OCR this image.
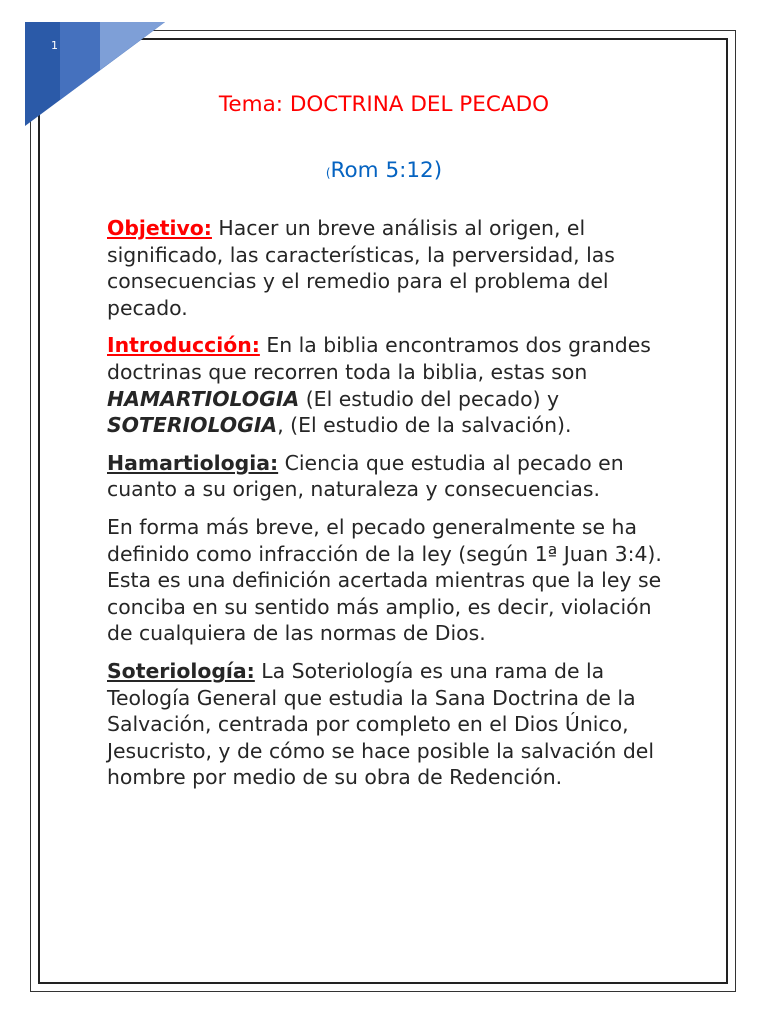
1
Tema: DOCTRINA DEL PECADO
(Rom 5:12)

Objetivo: Hacer un breve análisis al origen, el significado, las características, la perversidad, las consecuencias y el remedio para el problema del pecado.

Introducción: En la biblia encontramos dos grandes doctrinas que recorren toda la biblia, estas son HAMARTIOLOGIA (El estudio del pecado) y SOTERIOLOGIA, (El estudio de la salvación).

Hamartiologia: Ciencia que estudia al pecado en cuanto a su origen, naturaleza y consecuencias.

En forma más breve, el pecado generalmente se ha definido como infracción de la ley (según 1ª Juan 3:4). Esta es una definición acertada mientras que la ley se conciba en su sentido más amplio, es decir, violación de cualquiera de las normas de Dios.

Soteriología: La Soteriología es una rama de la Teología General que estudia la Sana Doctrina de la Salvación, centrada por completo en el Dios Único, Jesucristo, y de cómo se hace posible la salvación del hombre por medio de su obra de Redención.
